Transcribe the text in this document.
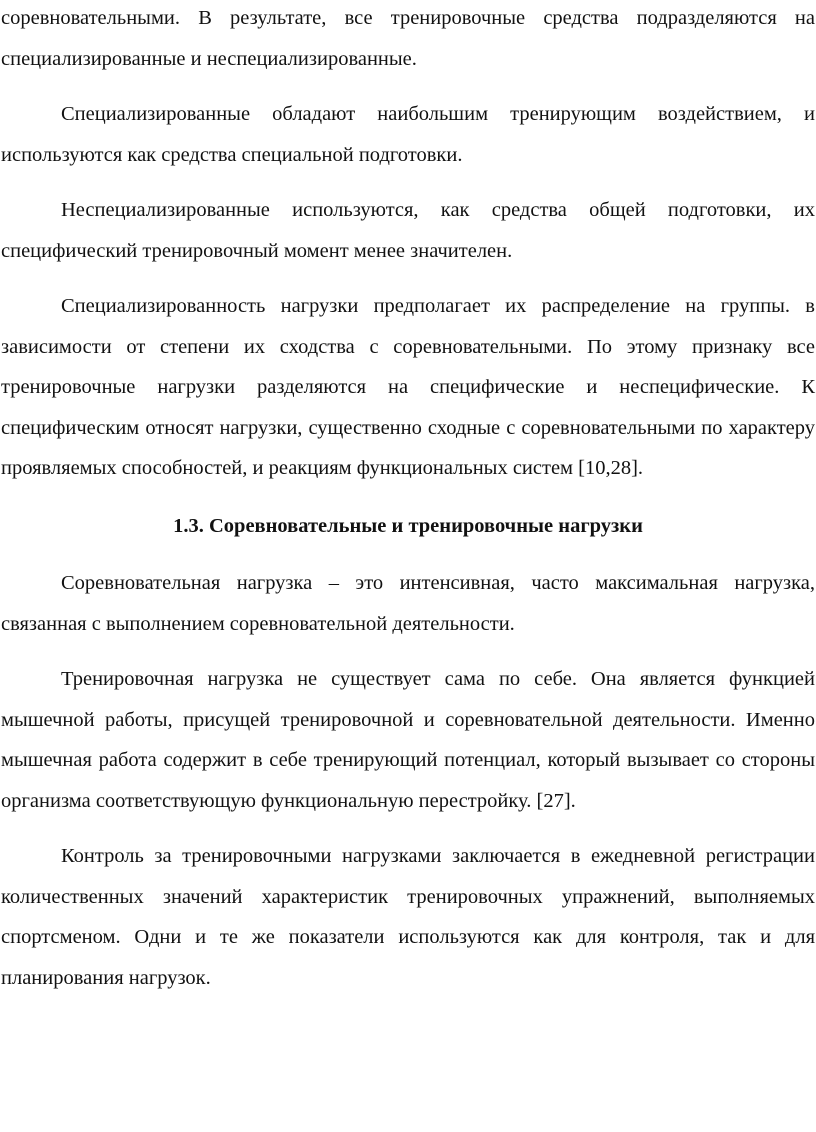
соревновательными. В результате, все тренировочные средства подразделяются на специализированные и неспециализированные.

Специализированные обладают наибольшим тренирующим воздействием, и используются как средства специальной подготовки.

Неспециализированные используются, как средства общей подготовки, их специфический тренировочный момент менее значителен.

Специализированность нагрузки предполагает их распределение на группы. в зависимости от степени их сходства с соревновательными. По этому признаку все тренировочные нагрузки разделяются на специфические и неспецифические. К специфическим относят нагрузки, существенно сходные с соревновательными по характеру проявляемых способностей, и реакциям функциональных систем [10,28].

1.3. Соревновательные и тренировочные нагрузки

Соревновательная нагрузка – это интенсивная, часто максимальная нагрузка, связанная с выполнением соревновательной деятельности.

Тренировочная нагрузка не существует сама по себе. Она является функцией мышечной работы, присущей тренировочной и соревновательной деятельности. Именно мышечная работа содержит в себе тренирующий потенциал, который вызывает со стороны организма соответствующую функциональную перестройку. [27].

Контроль за тренировочными нагрузками заключается в ежедневной регистрации количественных значений характеристик тренировочных упражнений, выполняемых спортсменом. Одни и те же показатели используются как для контроля, так и для планирования нагрузок.
